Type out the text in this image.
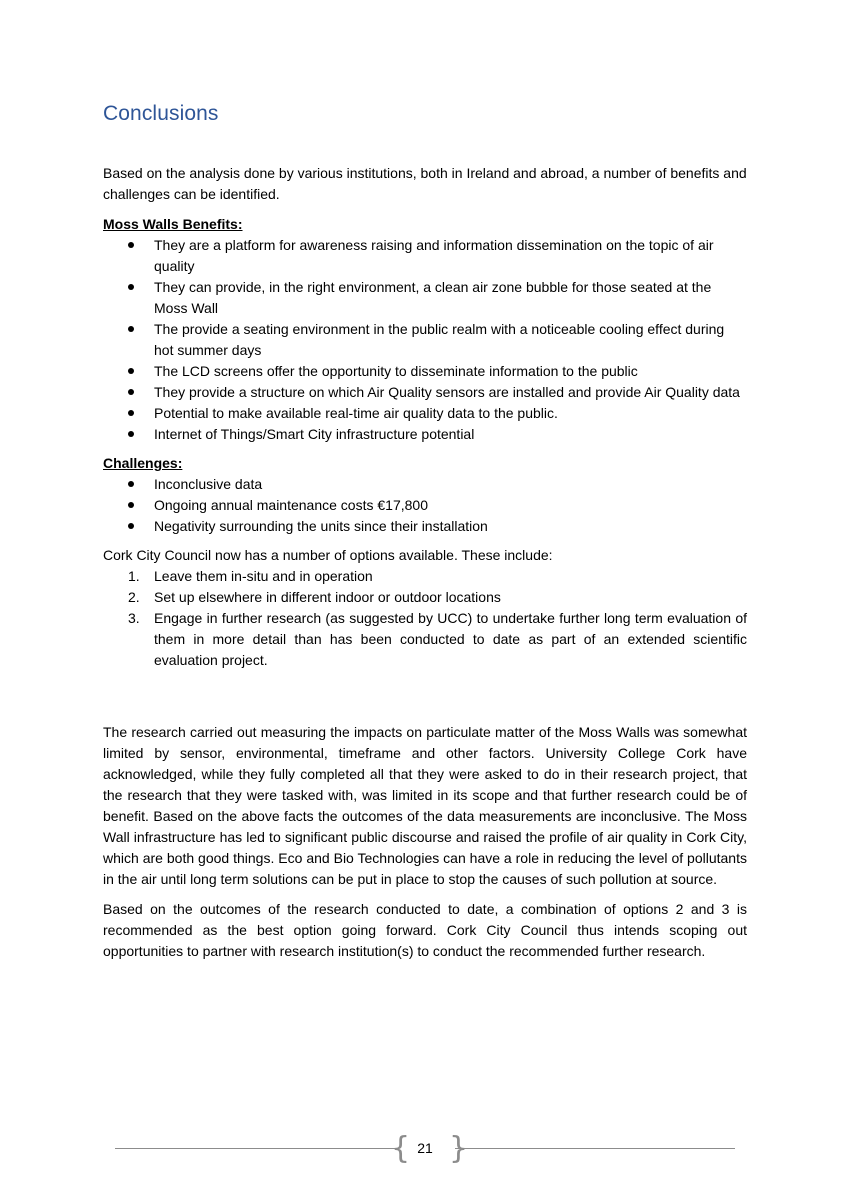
Conclusions

Based on the analysis done by various institutions, both in Ireland and abroad, a number of benefits and challenges can be identified.

Moss Walls Benefits:

They are a platform for awareness raising and information dissemination on the topic of air quality
They can provide, in the right environment, a clean air zone bubble for those seated at the Moss Wall
The provide a seating environment in the public realm with a noticeable cooling effect during hot summer days
The LCD screens offer the opportunity to disseminate information to the public
They provide a structure on which Air Quality sensors are installed and provide Air Quality data
Potential to make available real-time air quality data to the public.
Internet of Things/Smart City infrastructure potential

Challenges:

Inconclusive data
Ongoing annual maintenance costs €17,800
Negativity surrounding the units since their installation

Cork City Council now has a number of options available. These include:

1. Leave them in-situ and in operation
2. Set up elsewhere in different indoor or outdoor locations
3. Engage in further research (as suggested by UCC) to undertake further long term evaluation of them in more detail than has been conducted to date as part of an extended scientific evaluation project.

The research carried out measuring the impacts on particulate matter of the Moss Walls was somewhat limited by sensor, environmental, timeframe and other factors. University College Cork have acknowledged, while they fully completed all that they were asked to do in their research project, that the research that they were tasked with, was limited in its scope and that further research could be of benefit. Based on the above facts the outcomes of the data measurements are inconclusive. The Moss Wall infrastructure has led to significant public discourse and raised the profile of air quality in Cork City, which are both good things. Eco and Bio Technologies can have a role in reducing the level of pollutants in the air until long term solutions can be put in place to stop the causes of such pollution at source.

Based on the outcomes of the research conducted to date, a combination of options 2 and 3 is recommended as the best option going forward. Cork City Council thus intends scoping out opportunities to partner with research institution(s) to conduct the recommended further research.

{ 21 }
